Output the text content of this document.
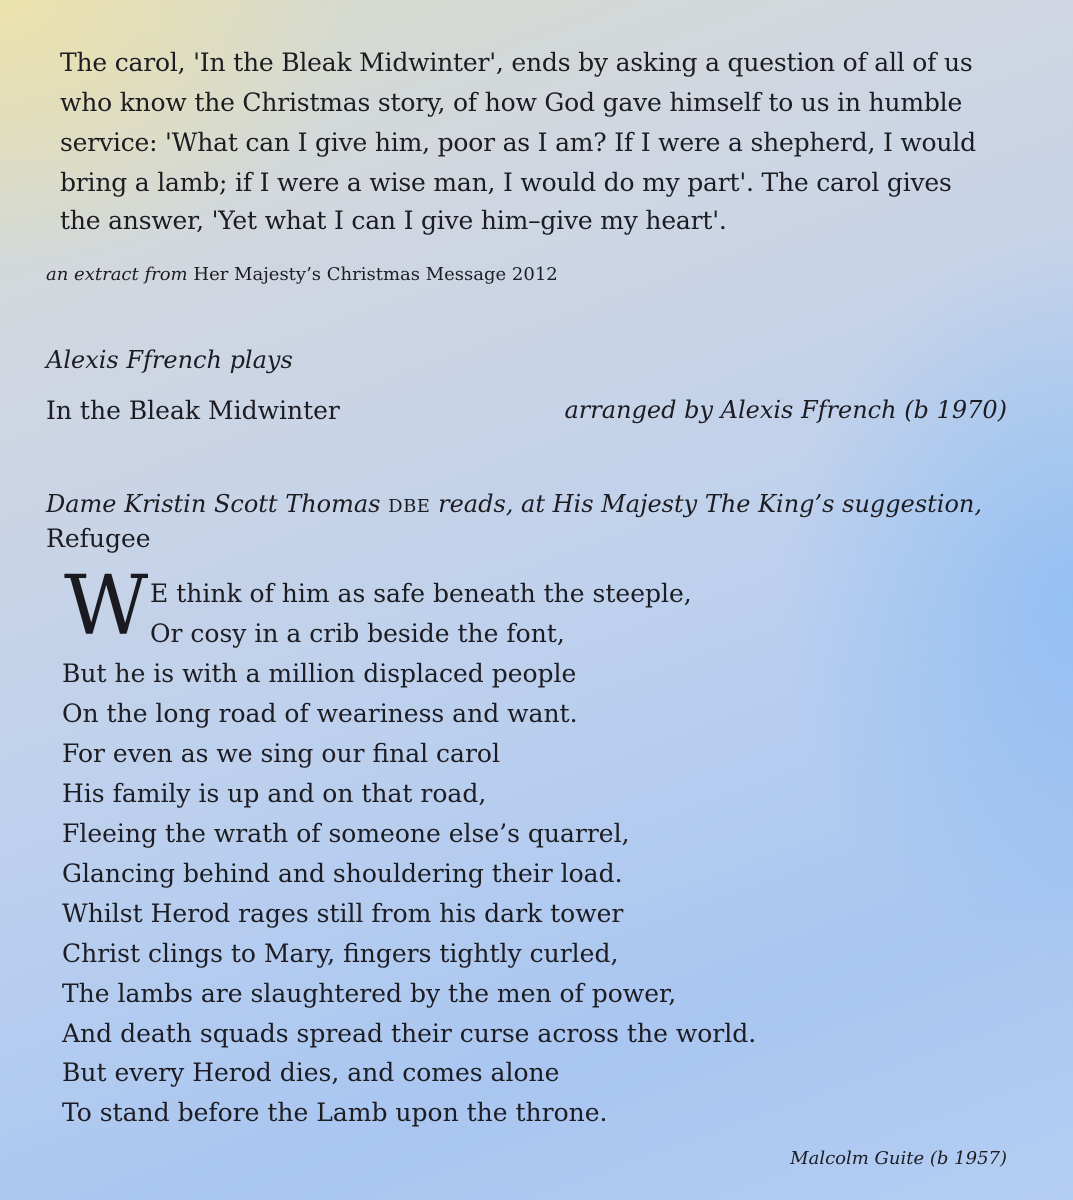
The carol, 'In the Bleak Midwinter', ends by asking a question of all of us
who know the Christmas story, of how God gave himself to us in humble
service: 'What can I give him, poor as I am? If I were a shepherd, I would
bring a lamb; if I were a wise man, I would do my part'. The carol gives
the answer, 'Yet what I can I give him–give my heart'.
an extract from Her Majesty’s Christmas Message 2012
Alexis Ffrench plays
In the Bleak Midwinter	arranged by Alexis Ffrench (b 1970)
Dame Kristin Scott Thomas DBE reads, at His Majesty The King’s suggestion,
Refugee
W E think of him as safe beneath the steeple,
Or cosy in a crib beside the font,
But he is with a million displaced people
On the long road of weariness and want.
For even as we sing our final carol
His family is up and on that road,
Fleeing the wrath of someone else’s quarrel,
Glancing behind and shouldering their load.
Whilst Herod rages still from his dark tower
Christ clings to Mary, fingers tightly curled,
The lambs are slaughtered by the men of power,
And death squads spread their curse across the world.
But every Herod dies, and comes alone
To stand before the Lamb upon the throne.
Malcolm Guite (b 1957)
